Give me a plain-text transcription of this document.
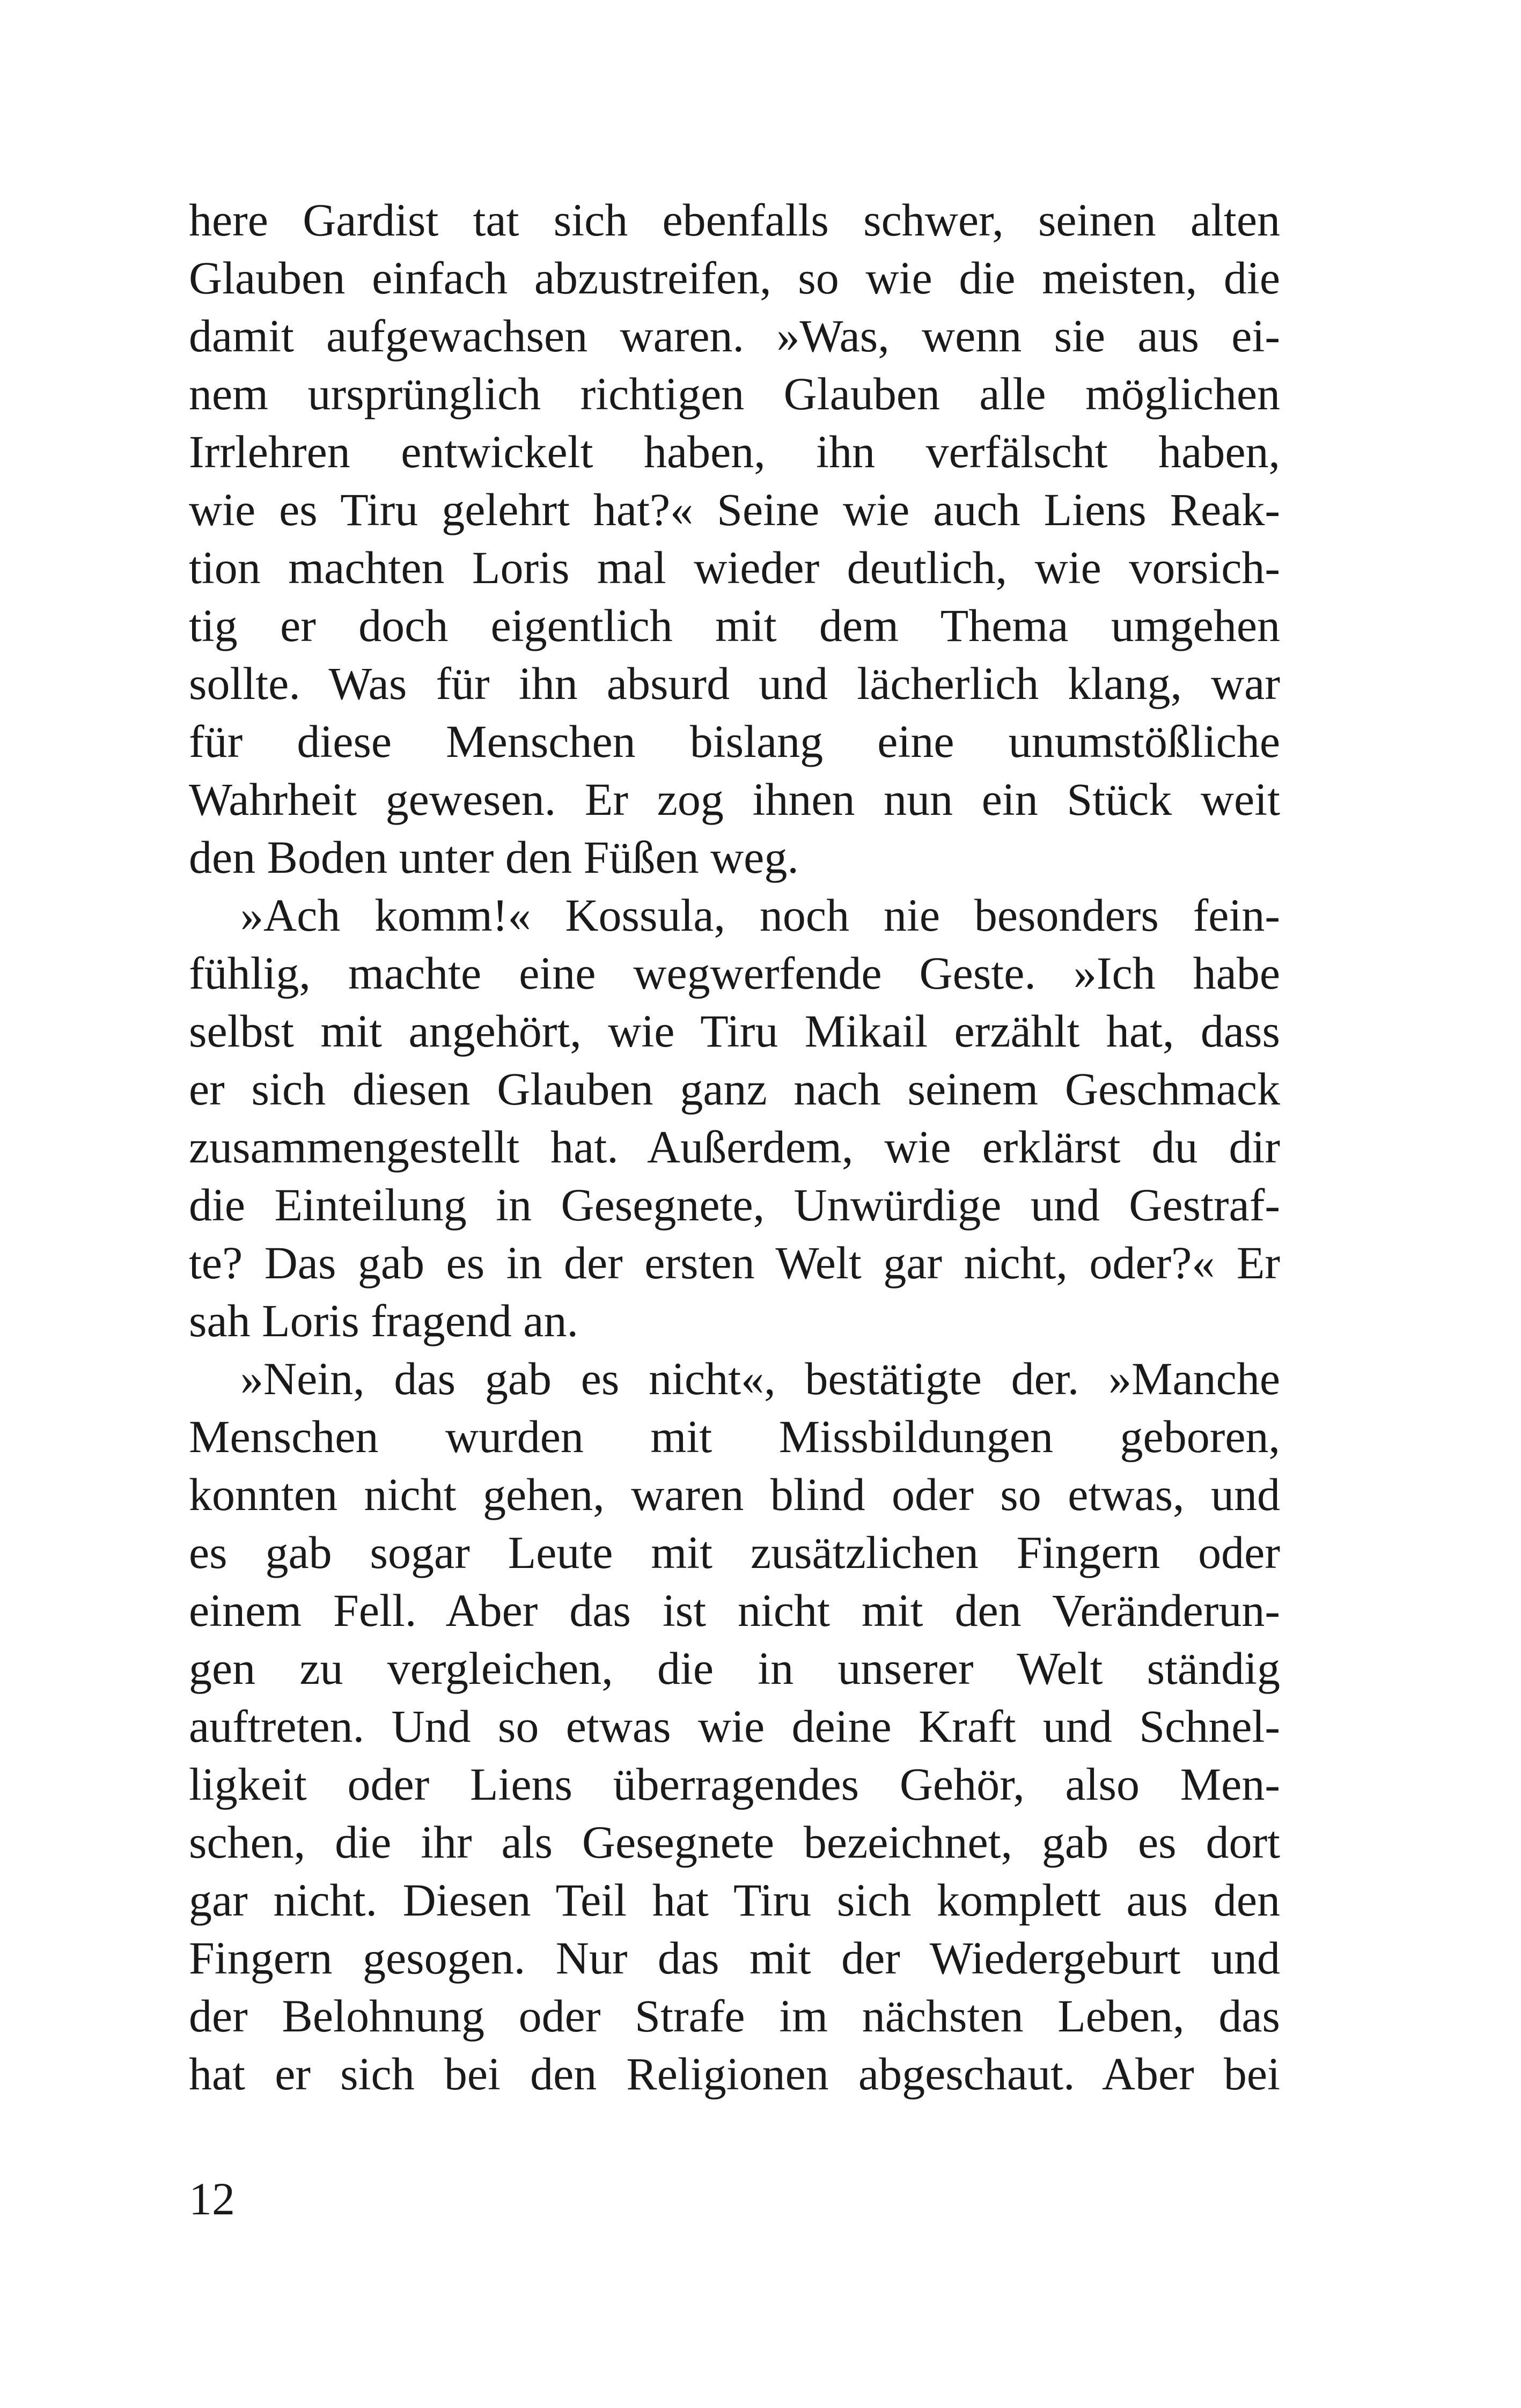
here Gardist tat sich ebenfalls schwer, seinen alten
Glauben einfach abzustreifen, so wie die meisten, die
damit aufgewachsen waren. »Was, wenn sie aus ei-
nem ursprünglich richtigen Glauben alle möglichen
Irrlehren entwickelt haben, ihn verfälscht haben,
wie es Tiru gelehrt hat?« Seine wie auch Liens Reak-
tion machten Loris mal wieder deutlich, wie vorsich-
tig er doch eigentlich mit dem Thema umgehen
sollte. Was für ihn absurd und lächerlich klang, war
für diese Menschen bislang eine unumstößliche
Wahrheit gewesen. Er zog ihnen nun ein Stück weit
den Boden unter den Füßen weg.
»Ach komm!« Kossula, noch nie besonders fein-
fühlig, machte eine wegwerfende Geste. »Ich habe
selbst mit angehört, wie Tiru Mikail erzählt hat, dass
er sich diesen Glauben ganz nach seinem Geschmack
zusammengestellt hat. Außerdem, wie erklärst du dir
die Einteilung in Gesegnete, Unwürdige und Gestraf-
te? Das gab es in der ersten Welt gar nicht, oder?« Er
sah Loris fragend an.
»Nein, das gab es nicht«, bestätigte der. »Manche
Menschen wurden mit Missbildungen geboren,
konnten nicht gehen, waren blind oder so etwas, und
es gab sogar Leute mit zusätzlichen Fingern oder
einem Fell. Aber das ist nicht mit den Veränderun-
gen zu vergleichen, die in unserer Welt ständig
auftreten. Und so etwas wie deine Kraft und Schnel-
ligkeit oder Liens überragendes Gehör, also Men-
schen, die ihr als Gesegnete bezeichnet, gab es dort
gar nicht. Diesen Teil hat Tiru sich komplett aus den
Fingern gesogen. Nur das mit der Wiedergeburt und
der Belohnung oder Strafe im nächsten Leben, das
hat er sich bei den Religionen abgeschaut. Aber bei
12
